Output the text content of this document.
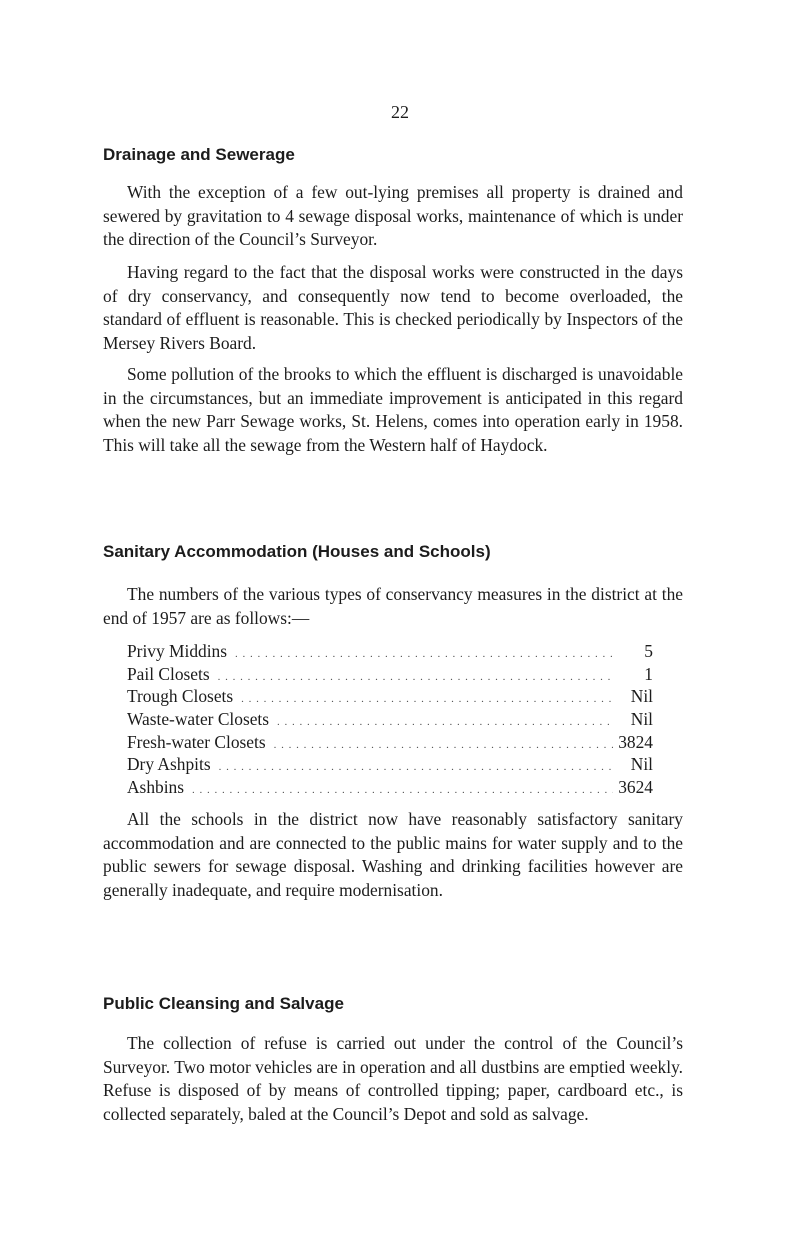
22
Drainage and Sewerage

With the exception of a few out-lying premises all property is drained and sewered by gravitation to 4 sewage disposal works, maintenance of which is under the direction of the Council’s Surveyor.

Having regard to the fact that the disposal works were constructed in the days of dry conservancy, and consequently now tend to become overloaded, the standard of effluent is reasonable. This is checked periodically by Inspectors of the Mersey Rivers Board.

Some pollution of the brooks to which the effluent is discharged is unavoidable in the circumstances, but an immediate improvement is anticipated in this regard when the new Parr Sewage works, St. Helens, comes into operation early in 1958. This will take all the sewage from the Western half of Haydock.

Sanitary Accommodation (Houses and Schools)

The numbers of the various types of conservancy measures in the district at the end of 1957 are as follows:—

Privy Middins . . .	5
Pail Closets . . .	1
Trough Closets . . .	Nil
Waste-water Closets . . .	Nil
Fresh-water Closets . . .	3824
Dry Ashpits . . .	Nil
Ashbins . . .	3624

All the schools in the district now have reasonably satisfactory sanitary accommodation and are connected to the public mains for water supply and to the public sewers for sewage disposal. Washing and drinking facilities however are generally inadequate, and require modernisation.

Public Cleansing and Salvage

The collection of refuse is carried out under the control of the Council’s Surveyor. Two motor vehicles are in operation and all dustbins are emptied weekly. Refuse is disposed of by means of controlled tipping; paper, cardboard etc., is collected separately, baled at the Council’s Depot and sold as salvage.
